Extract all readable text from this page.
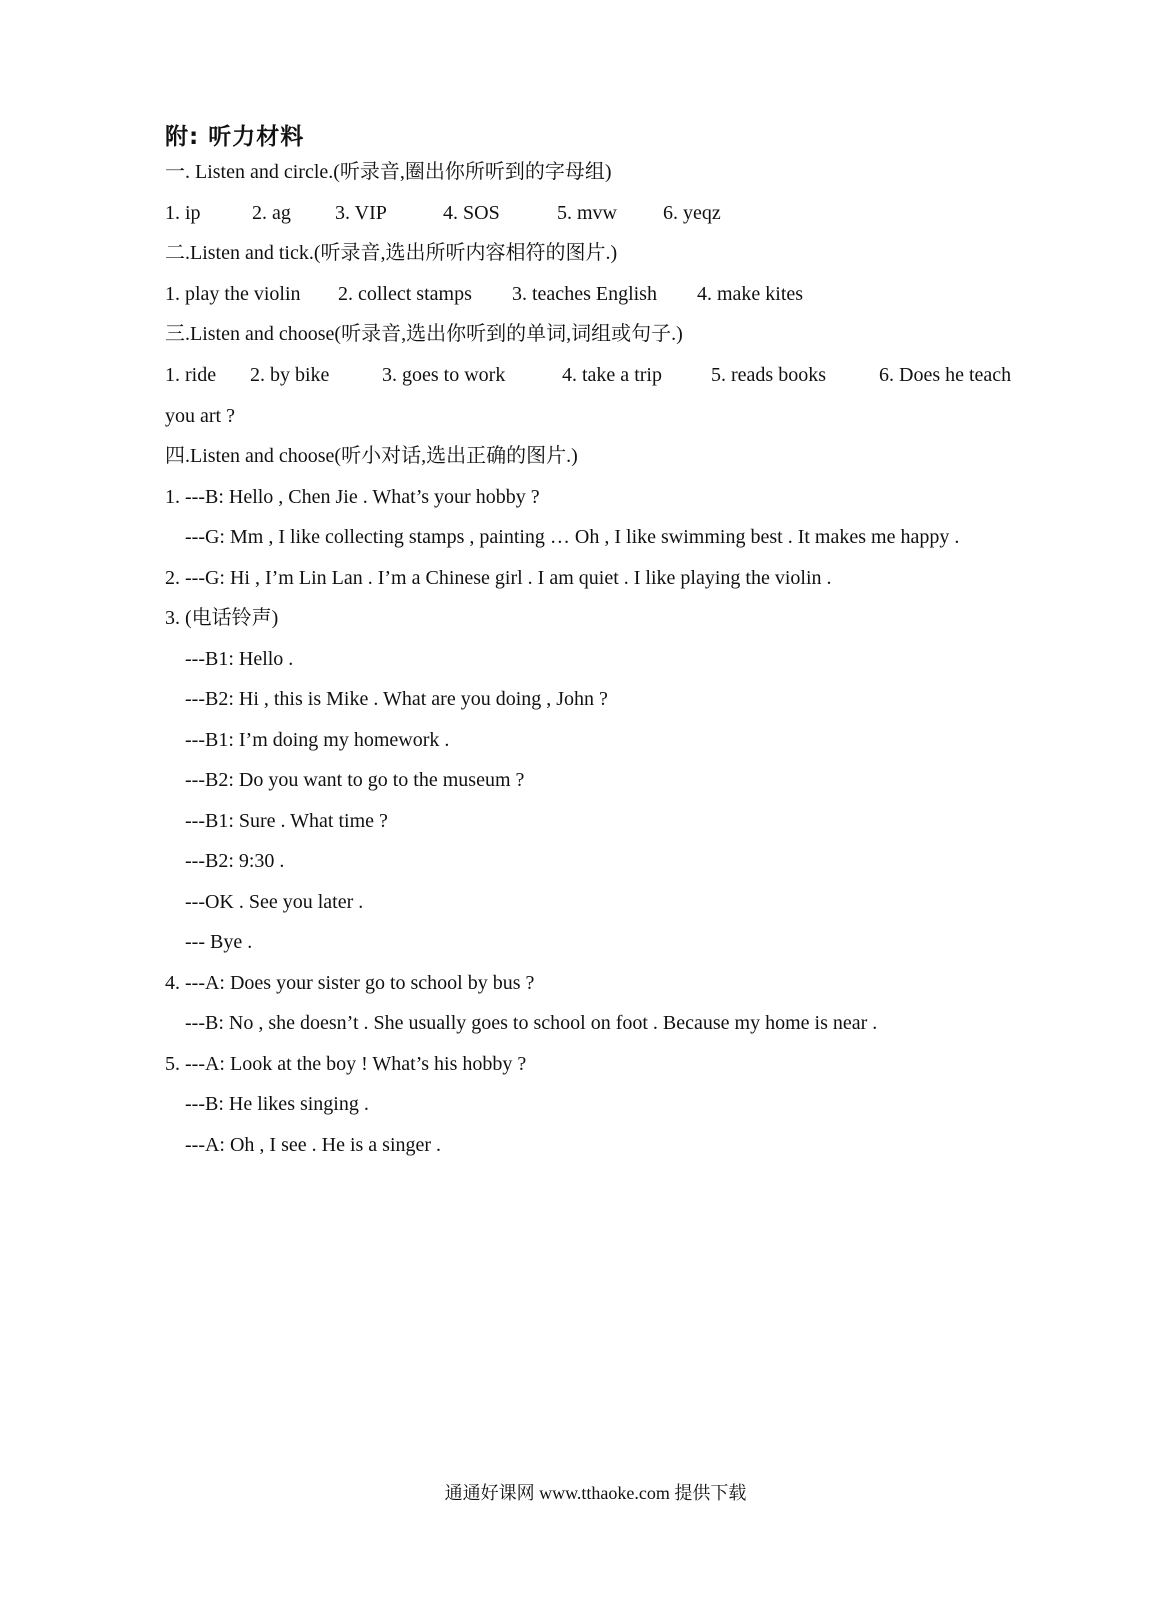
附: 听力材料
一. Listen and circle.(听录音,圈出你所听到的字母组)
1. ip	2. ag 3. VIP	4. SOS	5. mvw 6. yeqz
二.Listen and tick.(听录音,选出所听内容相符的图片.)
1. play the violin 2. collect stamps 3. teaches English 4. make kites
三.Listen and choose(听录音,选出你听到的单词,词组或句子.)
1. ride 2. by bike	3. goes to work	4. take a trip 5. reads books	6. Does he teach
you art ?
四.Listen and choose(听小对话,选出正确的图片.)
1. ---B: Hello , Chen Jie . What’s your hobby ?
---G: Mm , I like collecting stamps , painting … Oh , I like swimming best . It makes me happy .
2. ---G: Hi , I’m Lin Lan . I’m a Chinese girl . I am quiet . I like playing the violin .
3. (电话铃声)
---B1: Hello .
---B2: Hi , this is Mike . What are you doing , John ?
---B1: I’m doing my homework .
---B2: Do you want to go to the museum ?
---B1: Sure . What time ?
---B2: 9:30 .
---OK . See you later .
--- Bye .
4. ---A: Does your sister go to school by bus ?
---B: No , she doesn’t . She usually goes to school on foot . Because my home is near .
5. ---A: Look at the boy ! What’s his hobby ?
---B: He likes singing .
---A: Oh , I see . He is a singer .
通通好课网 www.tthaoke.com 提供下载
